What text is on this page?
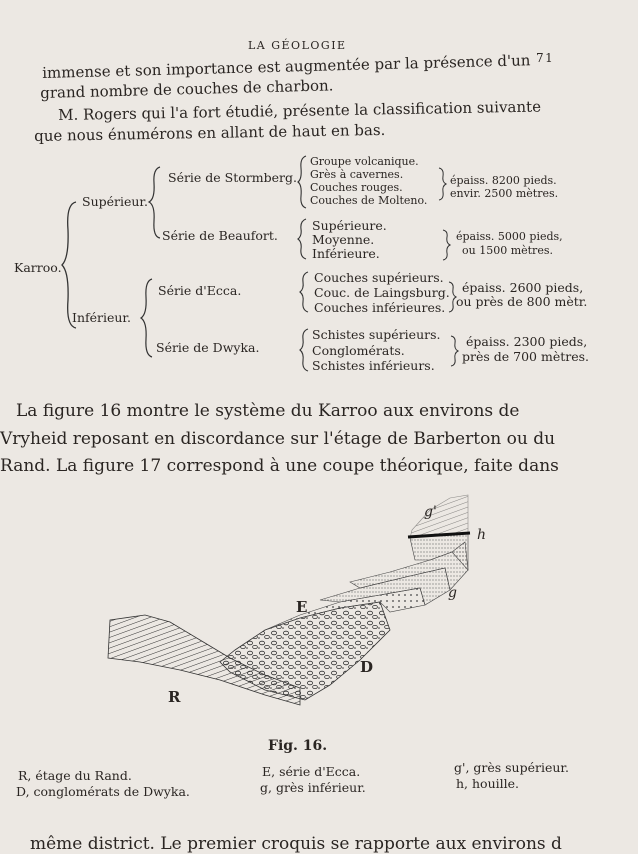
LA GÉOLOGIE
71
immense et son importance est augmentée par la présence d'un
grand nombre de couches de charbon.
M. Rogers qui l'a fort étudié, présente la classification suivante
que nous énumérons en allant de haut en bas.
Karroo.
Supérieur.
Série de Stormberg.
Groupe volcanique.
Grès à cavernes.
Couches rouges.
Couches de Molteno.
épaiss. 8200 pieds.
envir. 2500 mètres.
Série de Beaufort.
Supérieure.
Moyenne.
Inférieure.
épaiss. 5000 pieds,
ou 1500 mètres.
Inférieur.
Série d'Ecca.
Couches supérieurs.
Couc. de Laingsburg.
Couches inférieures.
épaiss. 2600 pieds,
ou près de 800 mètr.
Série de Dwyka.
Schistes supérieurs.
Conglomérats.
Schistes inférieurs.
épaiss. 2300 pieds,
près de 700 mètres.
La figure 16 montre le système du Karroo aux environs de
Vryheid reposant en discordance sur l'étage de Barberton ou du
Rand. La figure 17 correspond à une coupe théorique, faite dans
g'
h
g
E
D
R
Fig. 16.
R, étage du Rand.
D, conglomérats de Dwyka.
E, série d'Ecca.
g, grès inférieur.
g', grès supérieur.
h, houille.
même district. Le premier croquis se rapporte aux environs d
